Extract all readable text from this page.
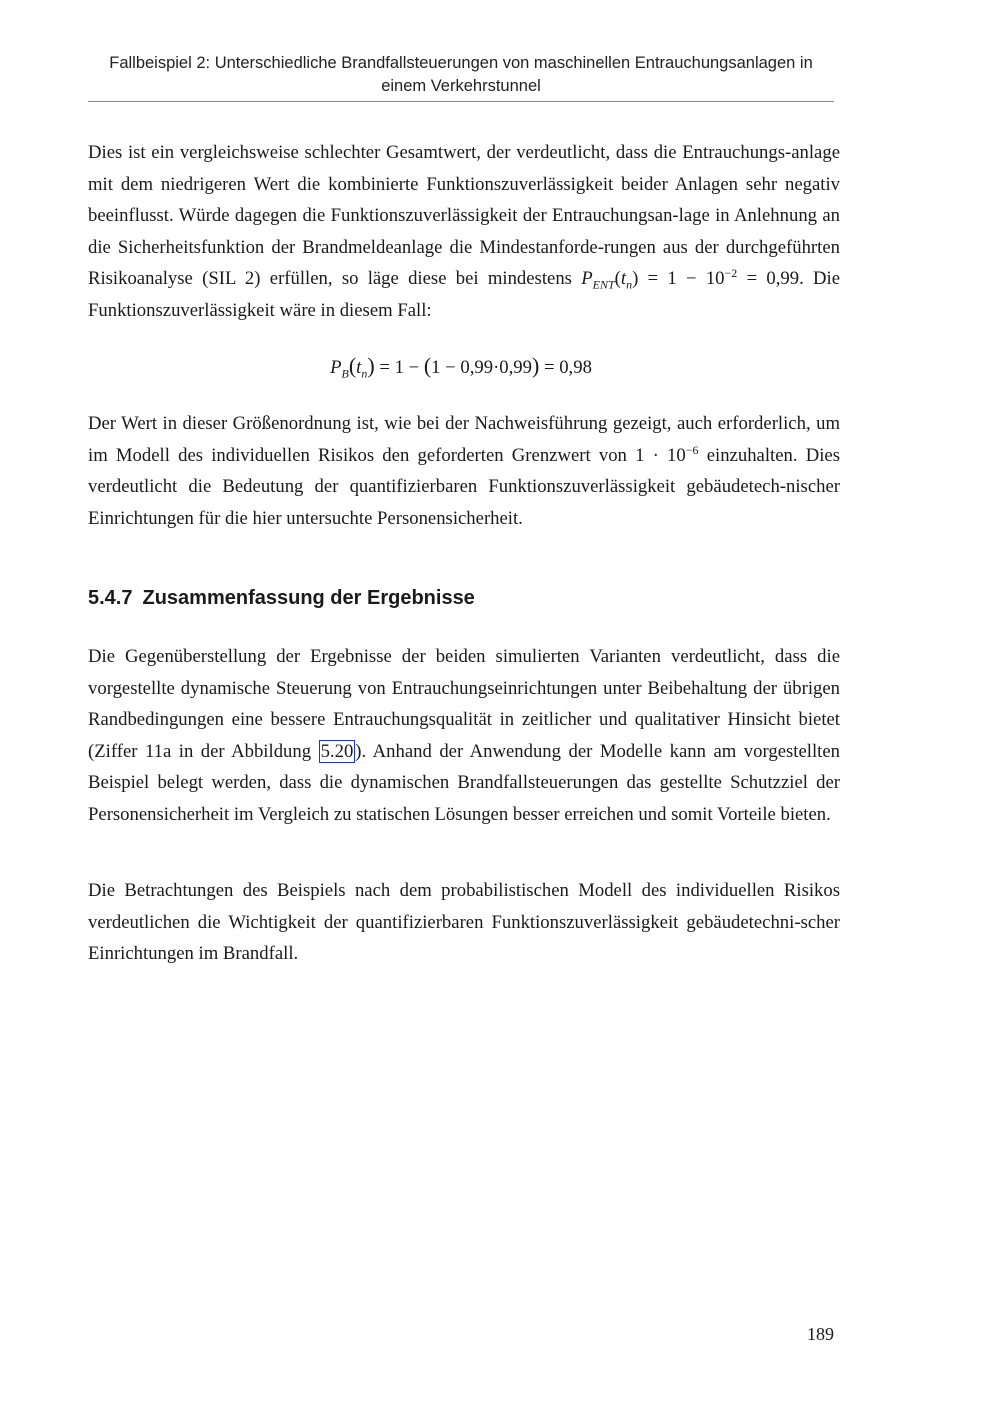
Fallbeispiel 2: Unterschiedliche Brandfallsteuerungen von maschinellen Entrauchungsanlagen in
einem Verkehrstunnel

Dies ist ein vergleichsweise schlechter Gesamtwert, der verdeutlicht, dass die Entrauchungs-anlage mit dem niedrigeren Wert die kombinierte Funktionszuverlässigkeit beider Anlagen sehr negativ beeinflusst. Würde dagegen die Funktionszuverlässigkeit der Entrauchungsan-lage in Anlehnung an die Sicherheitsfunktion der Brandmeldeanlage die Mindestanforde-rungen aus der durchgeführten Risikoanalyse (SIL 2) erfüllen, so läge diese bei mindestens $P_{ENT}(t_n) = 1 - 10^{-2} = 0,99$. Die Funktionszuverlässigkeit wäre in diesem Fall:

$P_B(t_n) = 1 - (1 - 0,99\cdot 0,99) = 0,98$

Der Wert in dieser Größenordnung ist, wie bei der Nachweisführung gezeigt, auch erforderlich, um im Modell des individuellen Risikos den geforderten Grenzwert von $1 \cdot 10^{-6}$ einzuhalten. Dies verdeutlicht die Bedeutung der quantifizierbaren Funktionszuverlässigkeit gebäudetech-nischer Einrichtungen für die hier untersuchte Personensicherheit.

5.4.7 Zusammenfassung der Ergebnisse

Die Gegenüberstellung der Ergebnisse der beiden simulierten Varianten verdeutlicht, dass die vorgestellte dynamische Steuerung von Entrauchungseinrichtungen unter Beibehaltung der übrigen Randbedingungen eine bessere Entrauchungsqualität in zeitlicher und qualitativer Hinsicht bietet (Ziffer 11a in der Abbildung 5.20 ). Anhand der Anwendung der Modelle kann am vorgestellten Beispiel belegt werden, dass die dynamischen Brandfallsteuerungen das gestellte Schutzziel der Personensicherheit im Vergleich zu statischen Lösungen besser erreichen und somit Vorteile bieten.

Die Betrachtungen des Beispiels nach dem probabilistischen Modell des individuellen Risikos verdeutlichen die Wichtigkeit der quantifizierbaren Funktionszuverlässigkeit gebäudetechni-scher Einrichtungen im Brandfall.

189
